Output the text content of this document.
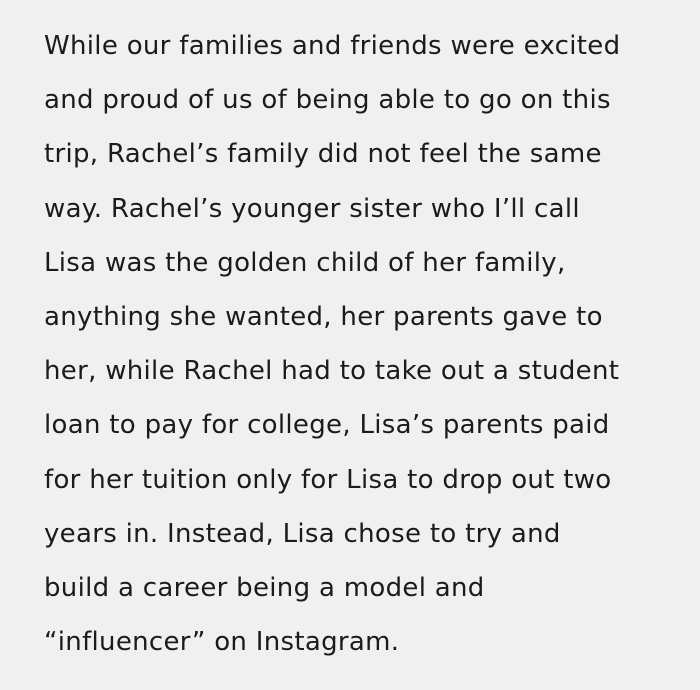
While our families and friends were excited
and proud of us of being able to go on this
trip, Rachel’s family did not feel the same
way. Rachel’s younger sister who I’ll call
Lisa was the golden child of her family,
anything she wanted, her parents gave to
her, while Rachel had to take out a student
loan to pay for college, Lisa’s parents paid
for her tuition only for Lisa to drop out two
years in. Instead, Lisa chose to try and
build a career being a model and
“influencer” on Instagram.
